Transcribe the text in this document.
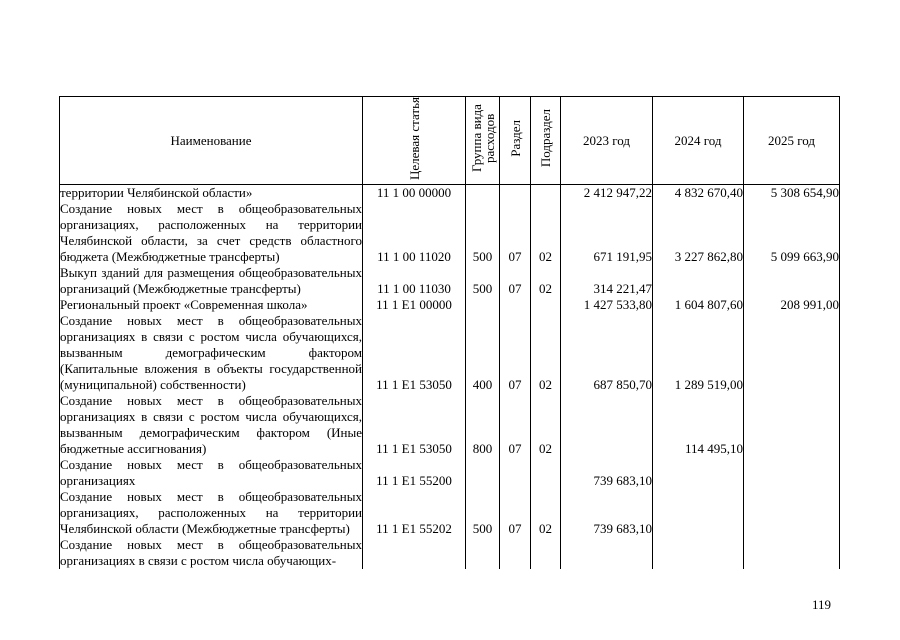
Наименование	Целевая статья	Группа вида расходов	Раздел	Подраздел	2023 год	2024 год	2025 год
территории Челябинской области»	11 1 00 00000				2 412 947,22	4 832 670,40	5 308 654,90
Создание новых мест в общеобразовательных организациях, расположенных на территории Челябинской области, за счет средств областного бюджета (Межбюджетные трансферты)	11 1 00 11020	500	07	02	671 191,95	3 227 862,80	5 099 663,90
Выкуп зданий для размещения общеобразовательных организаций (Межбюджетные трансферты)	11 1 00 11030	500	07	02	314 221,47		
Региональный проект «Современная школа»	11 1 E1 00000				1 427 533,80	1 604 807,60	208 991,00
Создание новых мест в общеобразовательных организациях в связи с ростом числа обучающихся, вызванным демографическим фактором (Капитальные вложения в объекты государственной (муниципальной) собственности)	11 1 E1 53050	400	07	02	687 850,70	1 289 519,00	
Создание новых мест в общеобразовательных организациях в связи с ростом числа обучающихся, вызванным демографическим фактором (Иные бюджетные ассигнования)	11 1 E1 53050	800	07	02		114 495,10	
Создание новых мест в общеобразовательных организациях	11 1 E1 55200				739 683,10		
Создание новых мест в общеобразовательных организациях, расположенных на территории Челябинской области (Межбюджетные трансферты)	11 1 E1 55202	500	07	02	739 683,10		
Создание новых мест в общеобразовательных организациях в связи с ростом числа обучающих-							
119
